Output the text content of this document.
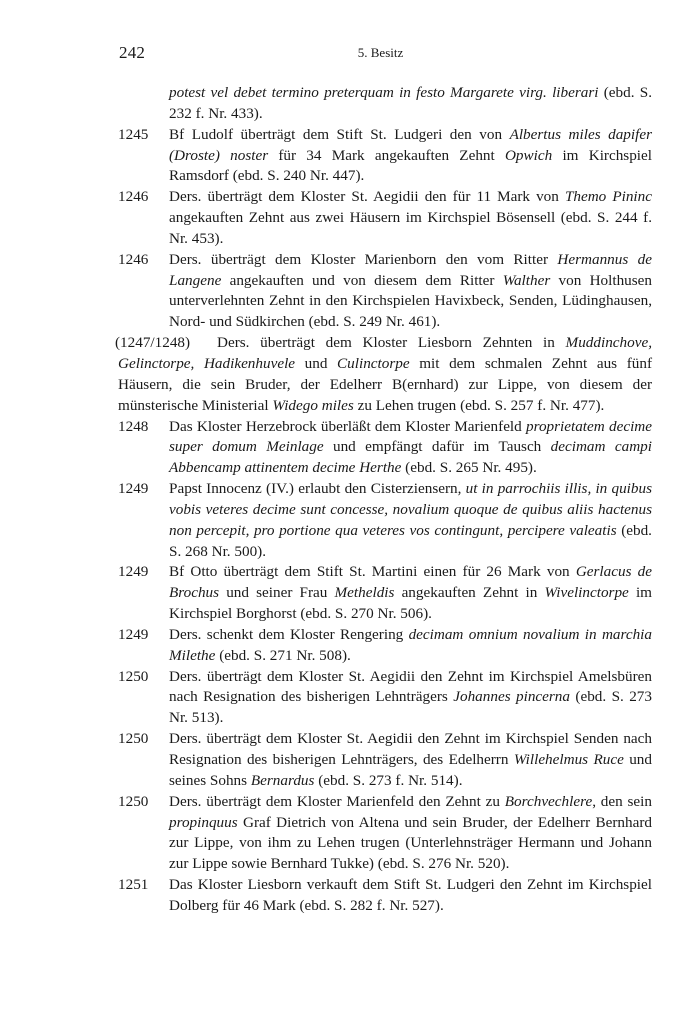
242	5. Besitz
potest vel debet termino preterquam in festo Margarete virg. liberari (ebd. S. 232 f. Nr. 433).
1245 Bf Ludolf überträgt dem Stift St. Ludgeri den von Albertus miles dapifer (Droste) noster für 34 Mark angekauften Zehnt Opwich im Kirchspiel Ramsdorf (ebd. S. 240 Nr. 447).
1246 Ders. überträgt dem Kloster St. Aegidii den für 11 Mark von Themo Pininc angekauften Zehnt aus zwei Häusern im Kirchspiel Bösensell (ebd. S. 244 f. Nr. 453).
1246 Ders. überträgt dem Kloster Marienborn den vom Ritter Hermannus de Langene angekauften und von diesem dem Ritter Walther von Holthusen unterverlehnten Zehnt in den Kirchspielen Havixbeck, Senden, Lüdinghausen, Nord- und Südkirchen (ebd. S. 249 Nr. 461).
(1247/1248)	Ders. überträgt dem Kloster Liesborn Zehnten in Muddinchove, Gelinctorpe, Hadikenhuvele und Culinctorpe mit dem schmalen Zehnt aus fünf Häusern, die sein Bruder, der Edelherr B(ernhard) zur Lippe, von diesem der münsterische Ministerial Widego miles zu Lehen trugen (ebd. S. 257 f. Nr. 477).
1248 Das Kloster Herzebrock überläßt dem Kloster Marienfeld proprietatem decime super domum Meinlage und empfängt dafür im Tausch decimam campi Abbencamp attinentem decime Herthe (ebd. S. 265 Nr. 495).
1249 Papst Innocenz (IV.) erlaubt den Cisterziensern, ut in parrochiis illis, in quibus vobis veteres decime sunt concesse, novalium quoque de quibus aliis hactenus non percepit, pro portione qua veteres vos contingunt, percipere valeatis (ebd. S. 268 Nr. 500).
1249 Bf Otto überträgt dem Stift St. Martini einen für 26 Mark von Gerlacus de Brochus und seiner Frau Metheldis angekauften Zehnt in Wivelinctorpe im Kirchspiel Borghorst (ebd. S. 270 Nr. 506).
1249 Ders. schenkt dem Kloster Rengering decimam omnium novalium in marchia Milethe (ebd. S. 271 Nr. 508).
1250 Ders. überträgt dem Kloster St. Aegidii den Zehnt im Kirchspiel Amelsbüren nach Resignation des bisherigen Lehnträgers Johannes pincerna (ebd. S. 273 Nr. 513).
1250 Ders. überträgt dem Kloster St. Aegidii den Zehnt im Kirchspiel Senden nach Resignation des bisherigen Lehnträgers, des Edelherrn Willehelmus Ruce und seines Sohns Bernardus (ebd. S. 273 f. Nr. 514).
1250 Ders. überträgt dem Kloster Marienfeld den Zehnt zu Borchvechlere, den sein propinquus Graf Dietrich von Altena und sein Bruder, der Edelherr Bernhard zur Lippe, von ihm zu Lehen trugen (Unterlehnsträger Hermann und Johann zur Lippe sowie Bernhard Tukke) (ebd. S. 276 Nr. 520).
1251 Das Kloster Liesborn verkauft dem Stift St. Ludgeri den Zehnt im Kirchspiel Dolberg für 46 Mark (ebd. S. 282 f. Nr. 527).
